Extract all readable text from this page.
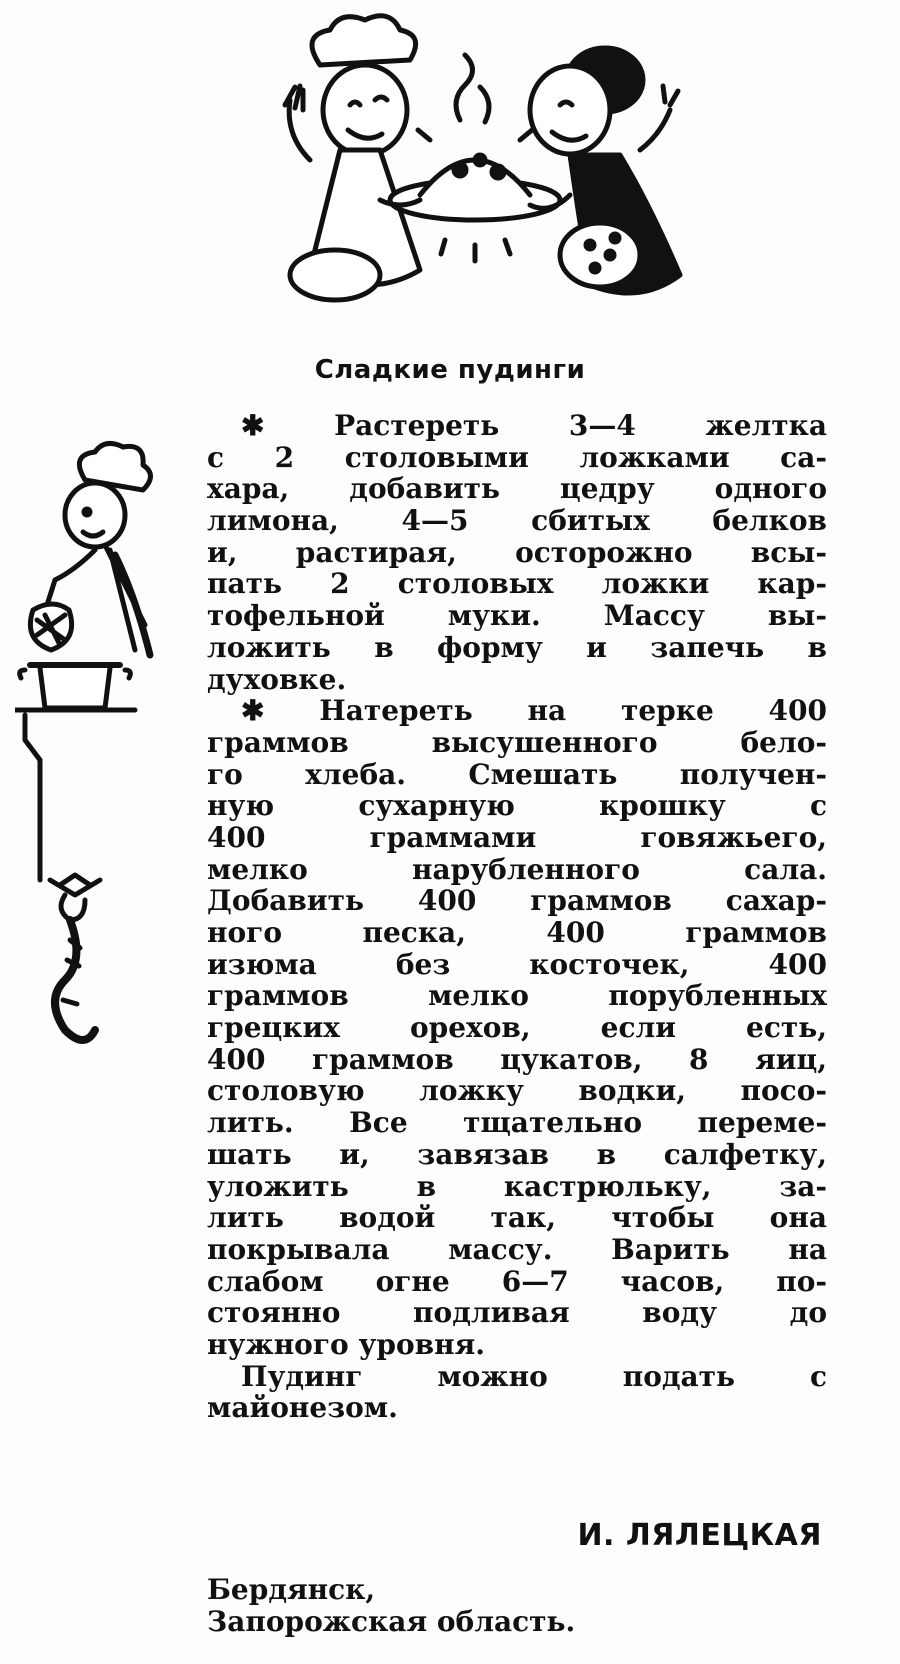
Сладкие пудинги
✱ Растереть 3—4 желтка
с 2 столовыми ложками са-
хара, добавить цедру одного
лимона, 4—5 сбитых белков
и, растирая, осторожно всы-
пать 2 столовых ложки кар-
тофельной муки. Массу вы-
ложить в форму и запечь в
духовке.
✱ Натереть на терке 400
граммов высушенного бело-
го хлеба. Смешать получен-
ную сухарную крошку с
400 граммами говяжьего,
мелко нарубленного сала.
Добавить 400 граммов сахар-
ного песка, 400 граммов
изюма без косточек, 400
граммов мелко порубленных
грецких орехов, если есть,
400 граммов цукатов, 8 яиц,
столовую ложку водки, посо-
лить. Все тщательно переме-
шать и, завязав в салфетку,
уложить в кастрюльку, за-
лить водой так, чтобы она
покрывала массу. Варить на
слабом огне 6—7 часов, по-
стоянно подливая воду до
нужного уровня.
Пудинг можно подать с
майонезом.
И. ЛЯЛЕЦКАЯ
Бердянск,
Запорожская область.
